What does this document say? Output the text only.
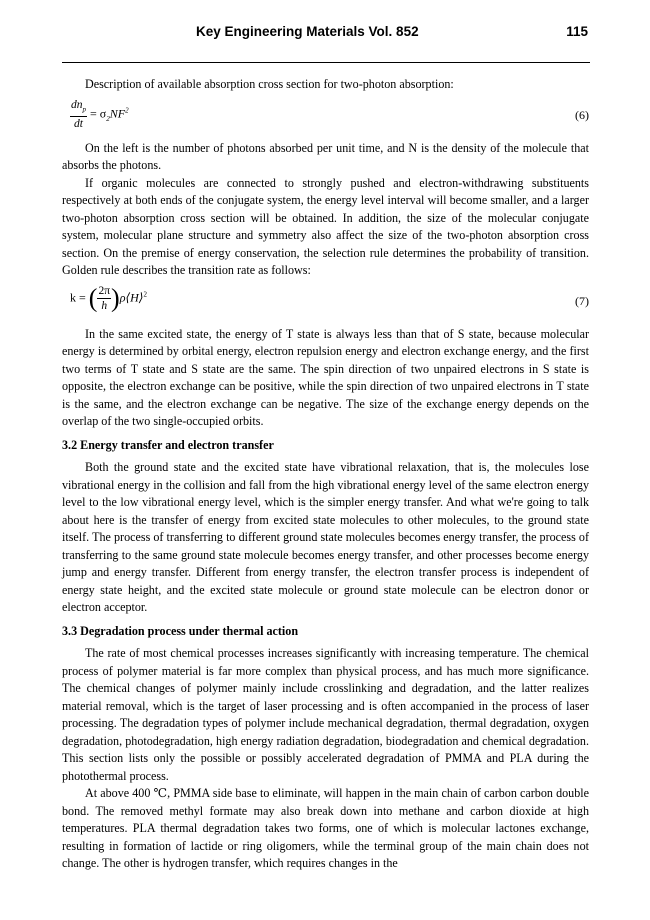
Key Engineering Materials Vol. 852	115

Description of available absorption cross section for two-photon absorption:

$\frac{dn_p}{dt} = \sigma_2NF^2$	(6)

On the left is the number of photons absorbed per unit time, and N is the density of the molecule that absorbs the photons.

If organic molecules are connected to strongly pushed and electron-withdrawing substituents respectively at both ends of the conjugate system, the energy level interval will become smaller, and a larger two-photon absorption cross section will be obtained. In addition, the size of the molecular conjugate system, molecular plane structure and symmetry also affect the size of the two-photon absorption cross section. On the premise of energy conservation, the selection rule determines the probability of transition. Golden rule describes the transition rate as follows:

k = ( $\frac{2\pi}{h}$ )ρ⟨H⟩$^2$	(7)

In the same excited state, the energy of T state is always less than that of S state, because molecular energy is determined by orbital energy, electron repulsion energy and electron exchange energy, and the first two terms of T state and S state are the same. The spin direction of two unpaired electrons in S state is opposite, the electron exchange can be positive, while the spin direction of two unpaired electrons in T state is the same, and the electron exchange can be negative. The size of the exchange energy depends on the overlap of the two single-occupied orbits.

3.2 Energy transfer and electron transfer

Both the ground state and the excited state have vibrational relaxation, that is, the molecules lose vibrational energy in the collision and fall from the high vibrational energy level of the same electron energy level to the low vibrational energy level, which is the simpler energy transfer. And what we're going to talk about here is the transfer of energy from excited state molecules to other molecules, to the ground state itself. The process of transferring to different ground state molecules becomes energy transfer, the process of transferring to the same ground state molecule becomes energy transfer, and other processes become energy jump and energy transfer. Different from energy transfer, the electron transfer process is independent of energy state height, and the excited state molecule or ground state molecule can be electron donor or electron acceptor.

3.3 Degradation process under thermal action

The rate of most chemical processes increases significantly with increasing temperature. The chemical process of polymer material is far more complex than physical process, and has much more significance. The chemical changes of polymer mainly include crosslinking and degradation, and the latter realizes material removal, which is the target of laser processing and is often accompanied in the process of laser processing. The degradation types of polymer include mechanical degradation, thermal degradation, oxygen degradation, photodegradation, high energy radiation degradation, biodegradation and chemical degradation. This section lists only the possible or possibly accelerated degradation of PMMA and PLA during the photothermal process.

At above 400 ℃, PMMA side base to eliminate, will happen in the main chain of carbon carbon double bond. The removed methyl formate may also break down into methane and carbon dioxide at high temperatures. PLA thermal degradation takes two forms, one of which is molecular lactones exchange, resulting in formation of lactide or ring oligomers, while the terminal group of the main chain does not change. The other is hydrogen transfer, which requires changes in the
